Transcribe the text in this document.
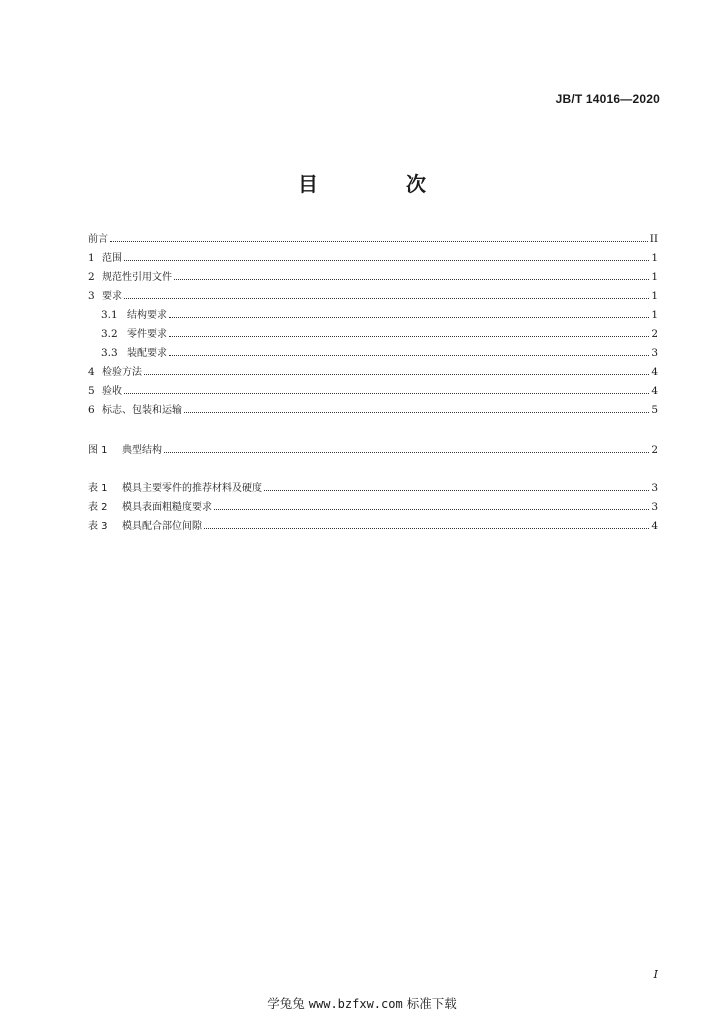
JB/T 14016—2020
目　次
前言	II
1 范围	1
2 规范性引用文件	1
3 要求	1
3.1 结构要求	1
3.2 零件要求	2
3.3 装配要求	3
4 检验方法	4
5 验收	4
6 标志、包装和运输	5
图 1	典型结构	2
表 1	模具主要零件的推荐材料及硬度	3
表 2	模具表面粗糙度要求	3
表 3	模具配合部位间隙	4
I
学兔兔 www.bzfxw.com 标准下载
